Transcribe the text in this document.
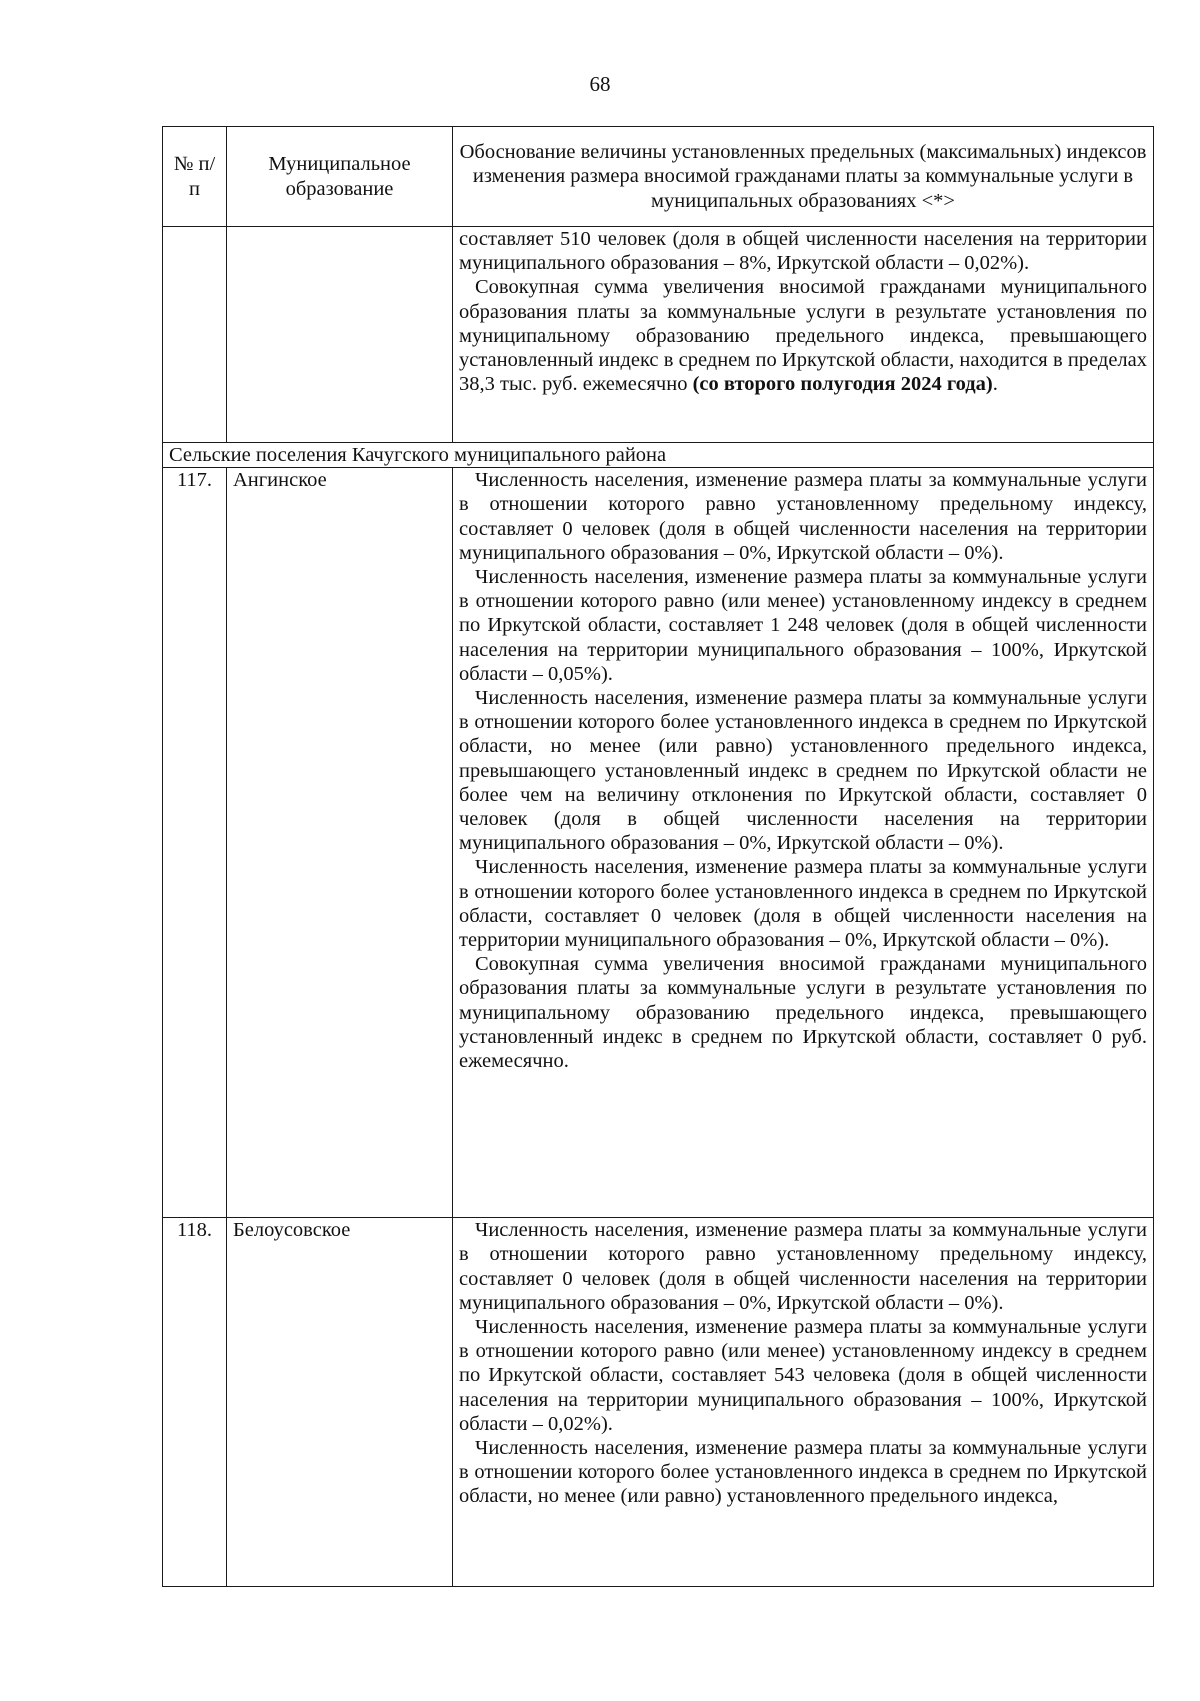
68
№ п/п	Муниципальное образование	Обоснование величины установленных предельных (максимальных) индексов изменения размера вносимой гражданами платы за коммунальные услуги в муниципальных образованиях <*>

		составляет 510 человек (доля в общей численности населения на территории муниципального образования – 8%, Иркутской области – 0,02%).

Совокупная сумма увеличения вносимой гражданами муниципального образования платы за коммунальные услуги в результате установления по муниципальному образованию предельного индекса, превышающего установленный индекс в среднем по Иркутской области, находится в пределах 38,3 тыс. руб. ежемесячно (со второго полугодия 2024 года).

Сельские поселения Качугского муниципального района		
117.	Ангинское	Численность населения, изменение размера платы за коммунальные услуги в отношении которого равно установленному предельному индексу, составляет 0 человек (доля в общей численности населения на территории муниципального образования – 0%, Иркутской области – 0%).

Численность населения, изменение размера платы за коммунальные услуги в отношении которого равно (или менее) установленному индексу в среднем по Иркутской области, составляет 1 248 человек (доля в общей численности населения на территории муниципального образования – 100%, Иркутской области – 0,05%).

Численность населения, изменение размера платы за коммунальные услуги в отношении которого более установленного индекса в среднем по Иркутской области, но менее (или равно) установленного предельного индекса, превышающего установленный индекс в среднем по Иркутской области не более чем на величину отклонения по Иркутской области, составляет 0 человек (доля в общей численности населения на территории муниципального образования – 0%, Иркутской области – 0%).

Численность населения, изменение размера платы за коммунальные услуги в отношении которого более установленного индекса в среднем по Иркутской области, составляет 0 человек (доля в общей численности населения на территории муниципального образования – 0%, Иркутской области – 0%).

Совокупная сумма увеличения вносимой гражданами муниципального образования платы за коммунальные услуги в результате установления по муниципальному образованию предельного индекса, превышающего установленный индекс в среднем по Иркутской области, составляет 0 руб. ежемесячно.

118.	Белоусовское	Численность населения, изменение размера платы за коммунальные услуги в отношении которого равно установленному предельному индексу, составляет 0 человек (доля в общей численности населения на территории муниципального образования – 0%, Иркутской области – 0%).

Численность населения, изменение размера платы за коммунальные услуги в отношении которого равно (или менее) установленному индексу в среднем по Иркутской области, составляет 543 человека (доля в общей численности населения на территории муниципального образования – 100%, Иркутской области – 0,02%).

Численность населения, изменение размера платы за коммунальные услуги в отношении которого более установленного индекса в среднем по Иркутской области, но менее (или равно) установленного предельного индекса,
